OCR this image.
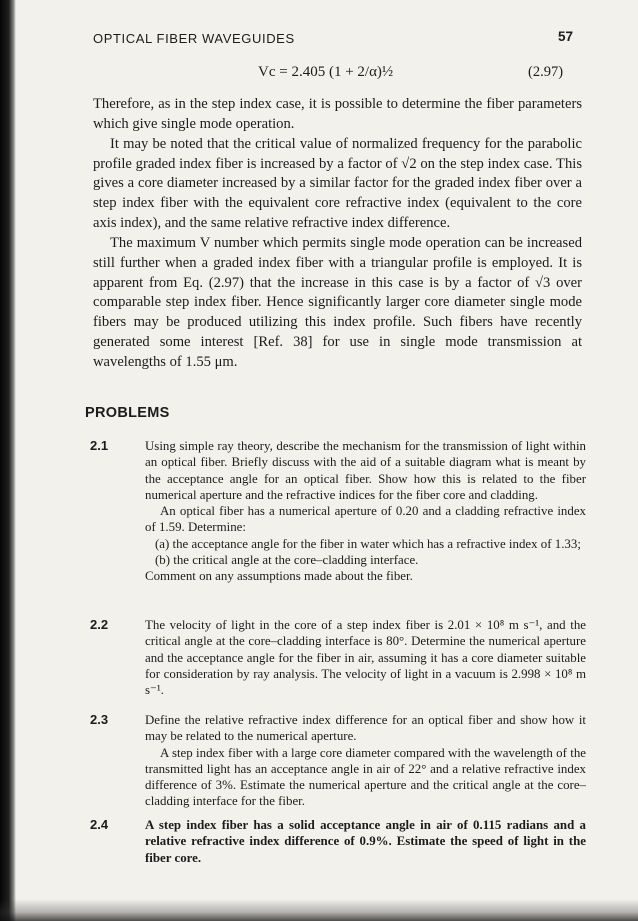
OPTICAL FIBER WAVEGUIDES	57
Vc = 2.405 (1 + 2/α)½	(2.97)

Therefore, as in the step index case, it is possible to determine the fiber parameters which give single mode operation.

It may be noted that the critical value of normalized frequency for the parabolic profile graded index fiber is increased by a factor of √2 on the step index case. This gives a core diameter increased by a similar factor for the graded index fiber over a step index fiber with the equivalent core refractive index (equivalent to the core axis index), and the same relative refractive index difference.

The maximum V number which permits single mode operation can be increased still further when a graded index fiber with a triangular profile is employed. It is apparent from Eq. (2.97) that the increase in this case is by a factor of √3 over comparable step index fiber. Hence significantly larger core diameter single mode fibers may be produced utilizing this index profile. Such fibers have recently generated some interest [Ref. 38] for use in single mode transmission at wavelengths of 1.55 μm.

PROBLEMS
2.1	Using simple ray theory, describe the mechanism for the transmission of light within an optical fiber. Briefly discuss with the aid of a suitable diagram what is meant by the acceptance angle for an optical fiber. Show how this is related to the fiber numerical aperture and the refractive indices for the fiber core and cladding.

An optical fiber has a numerical aperture of 0.20 and a cladding refractive index of 1.59. Determine:

(a) the acceptance angle for the fiber in water which has a refractive index of 1.33;

(b) the critical angle at the core–cladding interface.

Comment on any assumptions made about the fiber.

2.2	The velocity of light in the core of a step index fiber is 2.01 × 10⁸ m s⁻¹, and the critical angle at the core–cladding interface is 80°. Determine the numerical aperture and the acceptance angle for the fiber in air, assuming it has a core diameter suitable for consideration by ray analysis. The velocity of light in a vacuum is 2.998 × 10⁸ m s⁻¹.

2.3	Define the relative refractive index difference for an optical fiber and show how it may be related to the numerical aperture.

A step index fiber with a large core diameter compared with the wavelength of the transmitted light has an acceptance angle in air of 22° and a relative refractive index difference of 3%. Estimate the numerical aperture and the critical angle at the core–cladding interface for the fiber.

2.4	A step index fiber has a solid acceptance angle in air of 0.115 radians and a relative refractive index difference of 0.9%. Estimate the speed of light in the fiber core.
